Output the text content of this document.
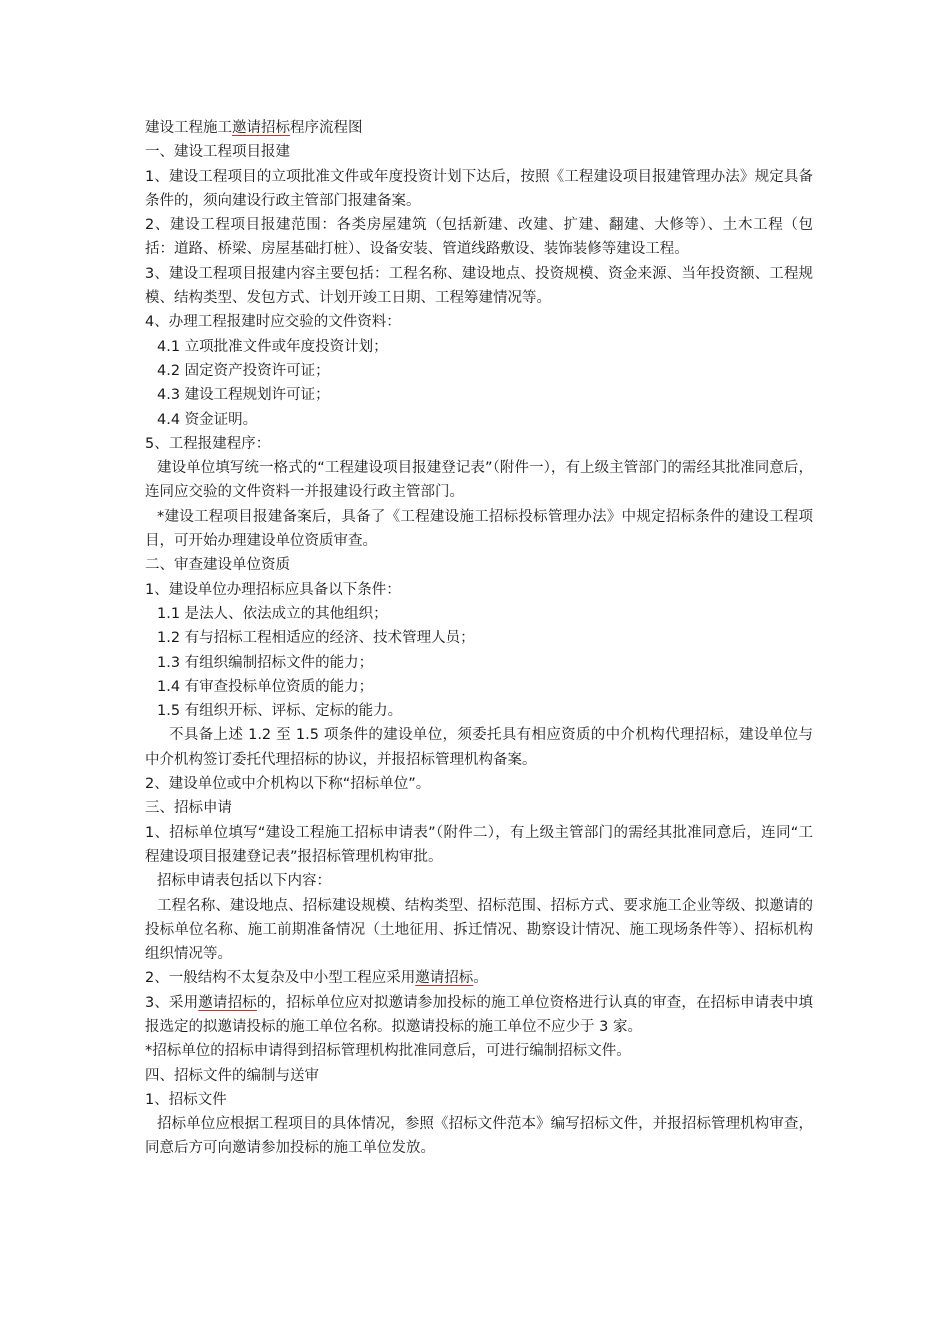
建设工程施工邀请招标程序流程图

一、建设工程项目报建

1、建设工程项目的立项批准文件或年度投资计划下达后，按照《工程建设项目报建管理办法》规定具备条件的，须向建设行政主管部门报建备案。

2、建设工程项目报建范围：各类房屋建筑（包括新建、改建、扩建、翻建、大修等）、土木工程（包括：道路、桥梁、房屋基础打桩）、设备安装、管道线路敷设、装饰装修等建设工程。

3、建设工程项目报建内容主要包括：工程名称、建设地点、投资规模、资金来源、当年投资额、工程规模、结构类型、发包方式、计划开竣工日期、工程筹建情况等。

4、办理工程报建时应交验的文件资料：

4.1 立项批准文件或年度投资计划；

4.2 固定资产投资许可证；

4.3 建设工程规划许可证；

4.4 资金证明。

5、工程报建程序：

建设单位填写统一格式的“工程建设项目报建登记表”（附件一），有上级主管部门的需经其批准同意后，连同应交验的文件资料一并报建设行政主管部门。

*建设工程项目报建备案后，具备了《工程建设施工招标投标管理办法》中规定招标条件的建设工程项目，可开始办理建设单位资质审查。

二、审查建设单位资质

1、建设单位办理招标应具备以下条件：

1.1 是法人、依法成立的其他组织；

1.2 有与招标工程相适应的经济、技术管理人员；

1.3 有组织编制招标文件的能力；

1.4 有审查投标单位资质的能力；

1.5 有组织开标、评标、定标的能力。

不具备上述 1.2 至 1.5 项条件的建设单位，须委托具有相应资质的中介机构代理招标，建设单位与中介机构签订委托代理招标的协议，并报招标管理机构备案。

2、建设单位或中介机构以下称“招标单位”。

三、招标申请

1、招标单位填写“建设工程施工招标申请表”（附件二），有上级主管部门的需经其批准同意后，连同“工程建设项目报建登记表”报招标管理机构审批。

招标申请表包括以下内容：

工程名称、建设地点、招标建设规模、结构类型、招标范围、招标方式、要求施工企业等级、拟邀请的投标单位名称、施工前期准备情况（土地征用、拆迁情况、勘察设计情况、施工现场条件等）、招标机构组织情况等。

2、一般结构不太复杂及中小型工程应采用邀请招标。

3、采用邀请招标的，招标单位应对拟邀请参加投标的施工单位资格进行认真的审查，在招标申请表中填报选定的拟邀请投标的施工单位名称。拟邀请投标的施工单位不应少于 3 家。

*招标单位的招标申请得到招标管理机构批准同意后，可进行编制招标文件。

四、招标文件的编制与送审

1、招标文件

招标单位应根据工程项目的具体情况，参照《招标文件范本》编写招标文件，并报招标管理机构审查，同意后方可向邀请参加投标的施工单位发放。
